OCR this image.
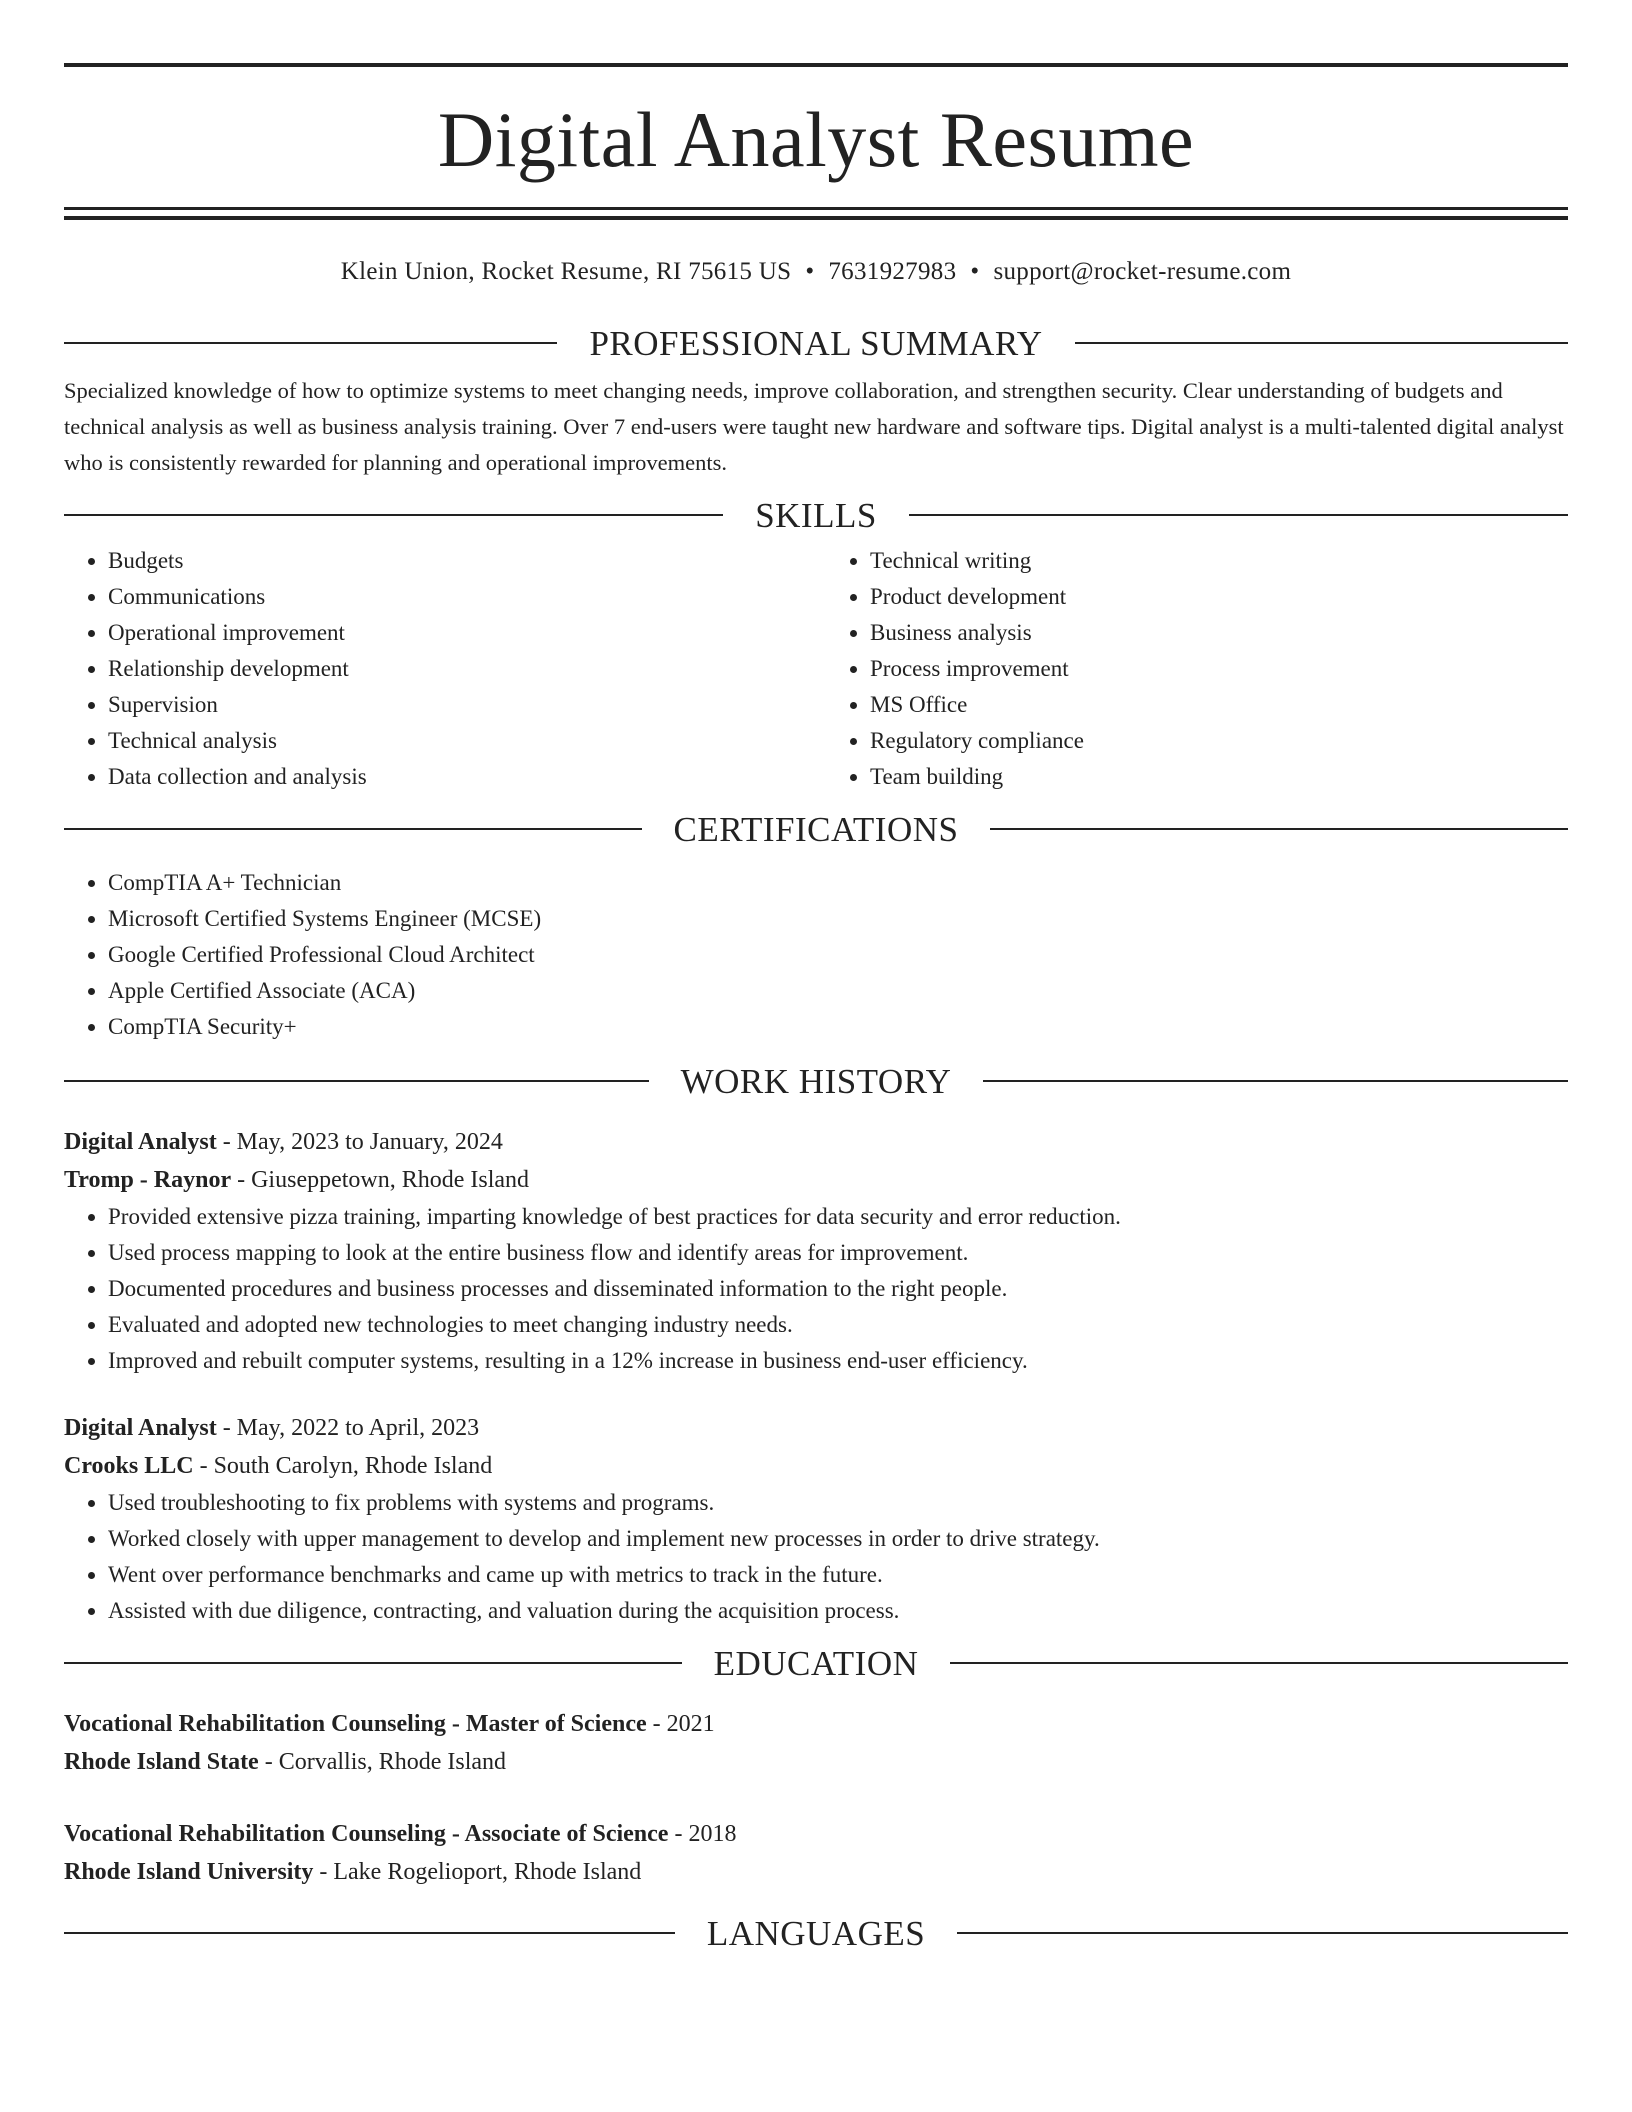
Digital Analyst Resume
Klein Union, Rocket Resume, RI 75615 US • 7631927983 • support@rocket-resume.com
PROFESSIONAL SUMMARY
Specialized knowledge of how to optimize systems to meet changing needs, improve collaboration, and strengthen security. Clear understanding of budgets and technical analysis as well as business analysis training. Over 7 end-users were taught new hardware and software tips. Digital analyst is a multi-talented digital analyst who is consistently rewarded for planning and operational improvements.
SKILLS
• Budgets
• Communications
• Operational improvement
• Relationship development
• Supervision
• Technical analysis
• Data collection and analysis
• Technical writing
• Product development
• Business analysis
• Process improvement
• MS Office
• Regulatory compliance
• Team building
CERTIFICATIONS
• CompTIA A+ Technician
• Microsoft Certified Systems Engineer (MCSE)
• Google Certified Professional Cloud Architect
• Apple Certified Associate (ACA)
• CompTIA Security+
WORK HISTORY
Digital Analyst - May, 2023 to January, 2024
Tromp - Raynor - Giuseppetown, Rhode Island
• Provided extensive pizza training, imparting knowledge of best practices for data security and error reduction.
• Used process mapping to look at the entire business flow and identify areas for improvement.
• Documented procedures and business processes and disseminated information to the right people.
• Evaluated and adopted new technologies to meet changing industry needs.
• Improved and rebuilt computer systems, resulting in a 12% increase in business end-user efficiency.
Digital Analyst - May, 2022 to April, 2023
Crooks LLC - South Carolyn, Rhode Island
• Used troubleshooting to fix problems with systems and programs.
• Worked closely with upper management to develop and implement new processes in order to drive strategy.
• Went over performance benchmarks and came up with metrics to track in the future.
• Assisted with due diligence, contracting, and valuation during the acquisition process.
EDUCATION
Vocational Rehabilitation Counseling - Master of Science - 2021
Rhode Island State - Corvallis, Rhode Island
Vocational Rehabilitation Counseling - Associate of Science - 2018
Rhode Island University - Lake Rogelioport, Rhode Island
LANGUAGES
